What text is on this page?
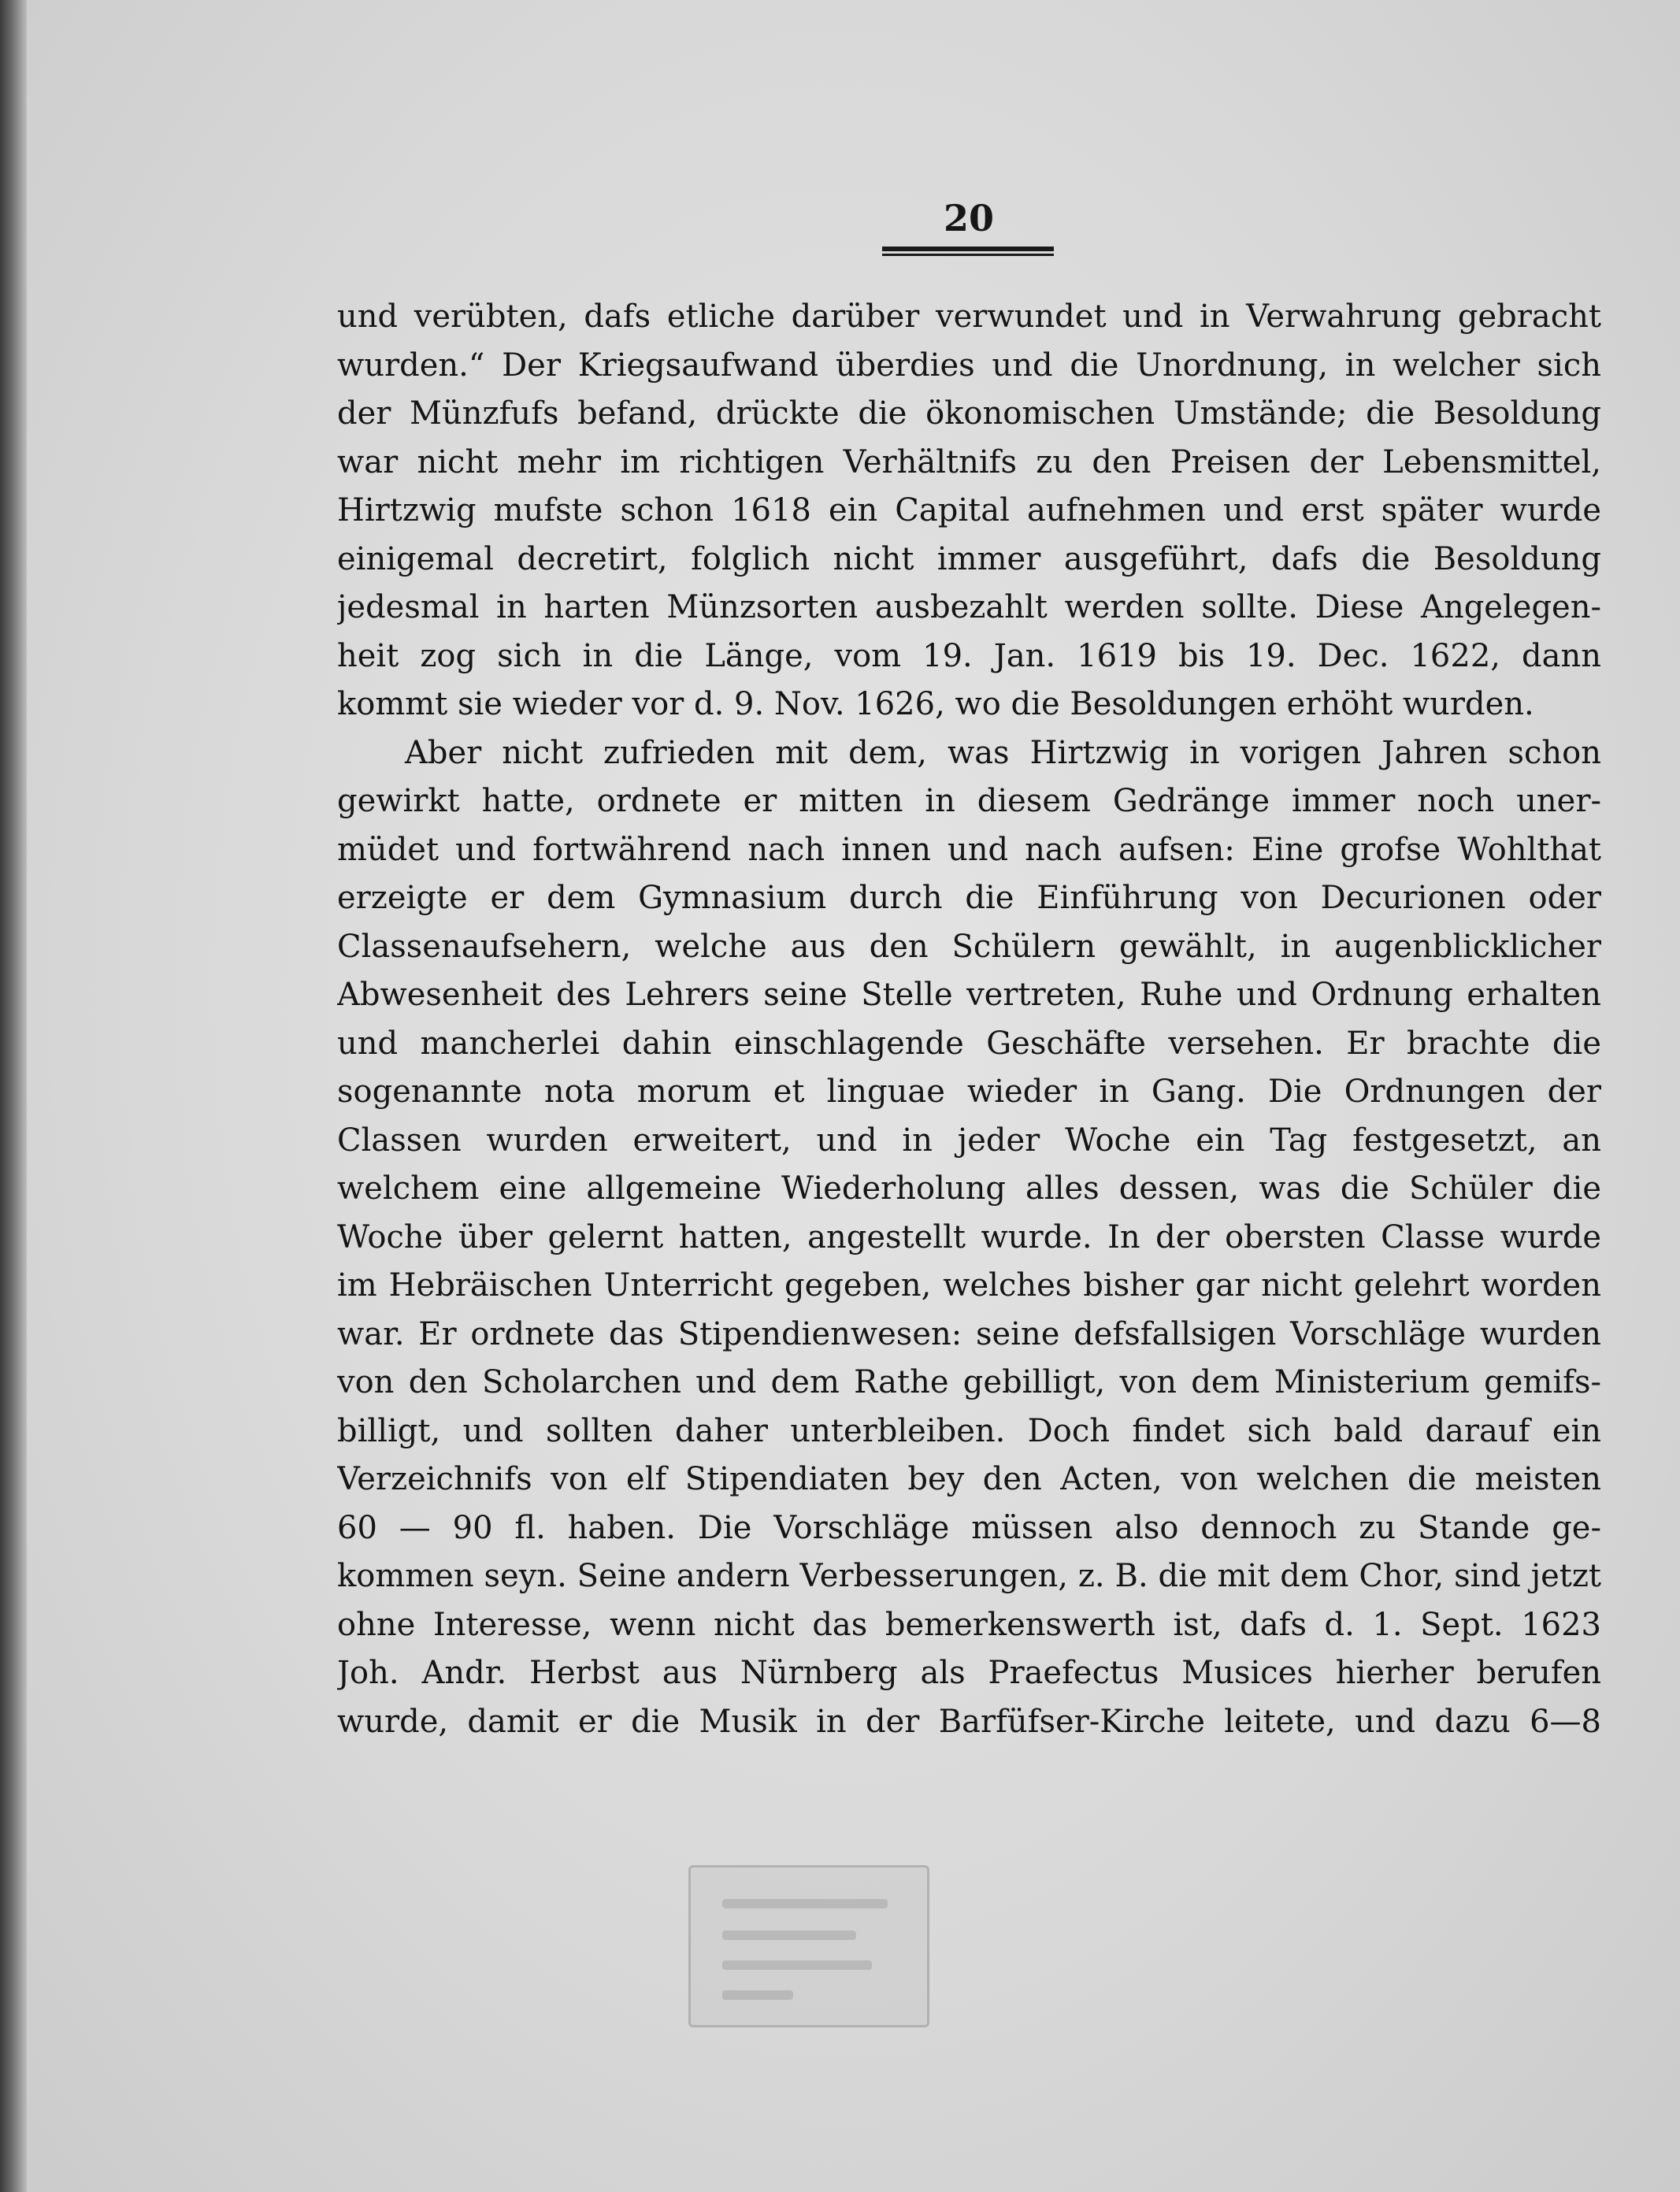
20
und verübten, dafs etliche darüber verwundet und in Verwahrung gebracht
wurden.“ Der Kriegsaufwand überdies und die Unordnung, in welcher sich
der Münzfufs befand, drückte die ökonomischen Umstände; die Besoldung
war nicht mehr im richtigen Verhältnifs zu den Preisen der Lebensmittel,
Hirtzwig mufste schon 1618 ein Capital aufnehmen und erst später wurde
einigemal decretirt, folglich nicht immer ausgeführt, dafs die Besoldung
jedesmal in harten Münzsorten ausbezahlt werden sollte. Diese Angelegen-
heit zog sich in die Länge, vom 19. Jan. 1619 bis 19. Dec. 1622, dann
kommt sie wieder vor d. 9. Nov. 1626, wo die Besoldungen erhöht wurden.
Aber nicht zufrieden mit dem, was Hirtzwig in vorigen Jahren schon
gewirkt hatte, ordnete er mitten in diesem Gedränge immer noch uner-
müdet und fortwährend nach innen und nach aufsen: Eine grofse Wohlthat
erzeigte er dem Gymnasium durch die Einführung von Decurionen oder
Classenaufsehern, welche aus den Schülern gewählt, in augenblicklicher
Abwesenheit des Lehrers seine Stelle vertreten, Ruhe und Ordnung erhalten
und mancherlei dahin einschlagende Geschäfte versehen. Er brachte die
sogenannte nota morum et linguae wieder in Gang. Die Ordnungen der
Classen wurden erweitert, und in jeder Woche ein Tag festgesetzt, an
welchem eine allgemeine Wiederholung alles dessen, was die Schüler die
Woche über gelernt hatten, angestellt wurde. In der obersten Classe wurde
im Hebräischen Unterricht gegeben, welches bisher gar nicht gelehrt worden
war. Er ordnete das Stipendienwesen: seine defsfallsigen Vorschläge wurden
von den Scholarchen und dem Rathe gebilligt, von dem Ministerium gemifs-
billigt, und sollten daher unterbleiben. Doch findet sich bald darauf ein
Verzeichnifs von elf Stipendiaten bey den Acten, von welchen die meisten
60 — 90 fl. haben. Die Vorschläge müssen also dennoch zu Stande ge-
kommen seyn. Seine andern Verbesserungen, z. B. die mit dem Chor, sind jetzt
ohne Interesse, wenn nicht das bemerkenswerth ist, dafs d. 1. Sept. 1623
Joh. Andr. Herbst aus Nürnberg als Praefectus Musices hierher berufen
wurde, damit er die Musik in der Barfüfser-Kirche leitete, und dazu 6—8
